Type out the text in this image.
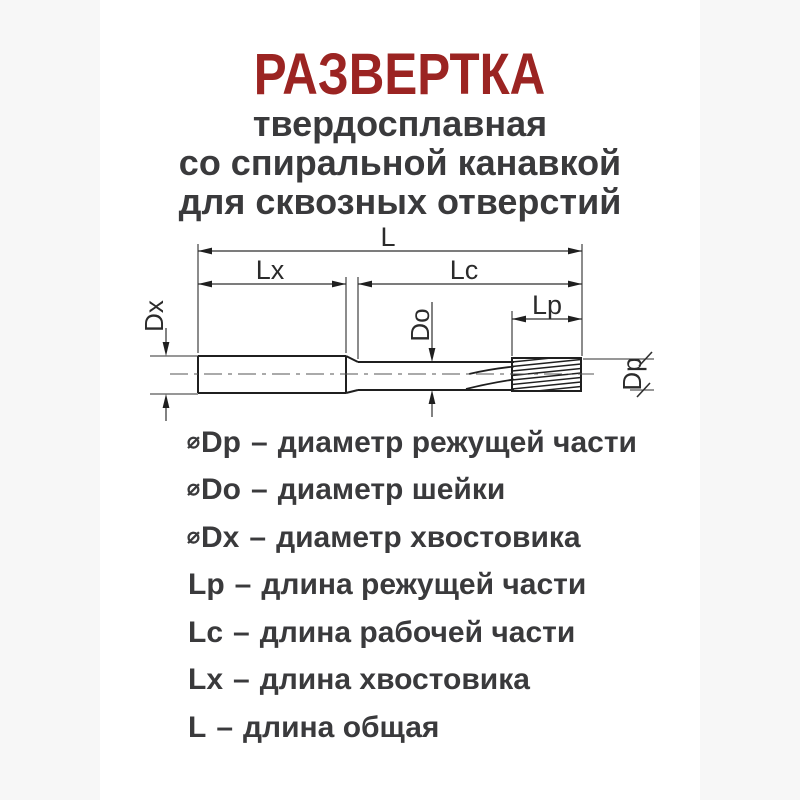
РАЗВЕРТКА
твердосплавная
со спиральной канавкой
для сквозных отверстий
⌀Dp – диаметр режущей части
⌀Do – диаметр шейки
⌀Dx – диаметр хвостовика
Lp – длина режущей части
Lc – длина рабочей части
Lx – длина хвостовика
L – длина общая
L
Lx	Lc
Lp
Dx	Do
Dp
